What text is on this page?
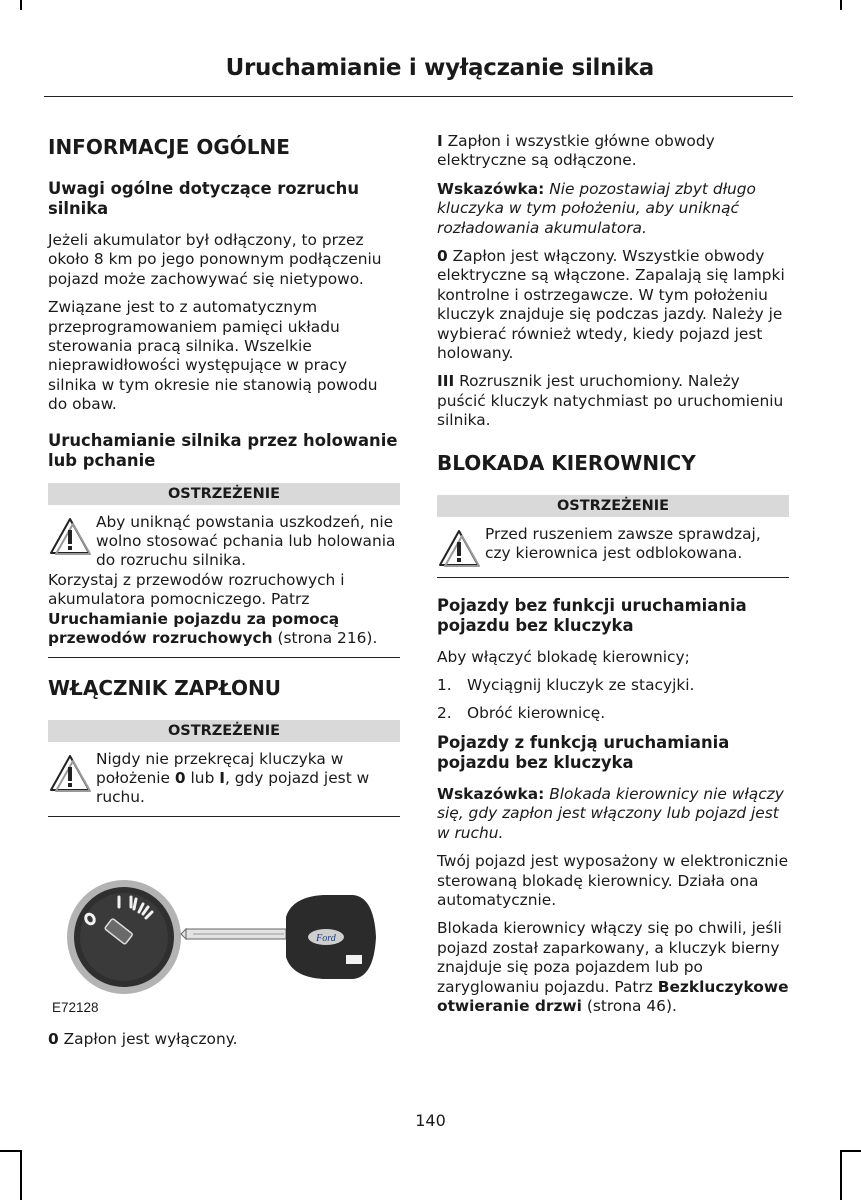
Uruchamianie i wyłączanie silnika
INFORMACJE OGÓLNE
Uwagi ogólne dotyczące rozruchu silnika

Jeżeli akumulator był odłączony, to przez około 8 km po jego ponownym podłączeniu pojazd może zachowywać się nietypowo.

Związane jest to z automatycznym przeprogramowaniem pamięci układu sterowania pracą silnika. Wszelkie nieprawidłowości występujące w pracy silnika w tym okresie nie stanowią powodu do obaw.

Uruchamianie silnika przez holowanie lub pchanie
OSTRZEŻENIE
Aby uniknąć powstania uszkodzeń, nie wolno stosować pchania lub holowania do rozruchu silnika.
Korzystaj z przewodów rozruchowych i akumulatora pomocniczego. Patrz Uruchamianie pojazdu za pomocą przewodów rozruchowych (strona 216).
WŁĄCZNIK ZAPŁONU
OSTRZEŻENIE
Nigdy nie przekręcaj kluczyka w położenie 0 lub I, gdy pojazd jest w ruchu.
Ford
E72128

0 Zapłon jest wyłączony.

I Zapłon i wszystkie główne obwody elektryczne są odłączone.

Wskazówka: Nie pozostawiaj zbyt długo kluczyka w tym położeniu, aby uniknąć rozładowania akumulatora.

0 Zapłon jest włączony. Wszystkie obwody elektryczne są włączone. Zapalają się lampki kontrolne i ostrzegawcze. W tym położeniu kluczyk znajduje się podczas jazdy. Należy je wybierać również wtedy, kiedy pojazd jest holowany.

III Rozrusznik jest uruchomiony. Należy puścić kluczyk natychmiast po uruchomieniu silnika.

BLOKADA KIEROWNICY
OSTRZEŻENIE
Przed ruszeniem zawsze sprawdzaj, czy kierownica jest odblokowana.
Pojazdy bez funkcji uruchamiania pojazdu bez kluczyka

Aby włączyć blokadę kierownicy;

1. Wyciągnij kluczyk ze stacyjki.
2. Obróć kierownicę.
Pojazdy z funkcją uruchamiania pojazdu bez kluczyka

Wskazówka: Blokada kierownicy nie włączy się, gdy zapłon jest włączony lub pojazd jest w ruchu.

Twój pojazd jest wyposażony w elektronicznie sterowaną blokadę kierownicy. Działa ona automatycznie.

Blokada kierownicy włączy się po chwili, jeśli pojazd został zaparkowany, a kluczyk bierny znajduje się poza pojazdem lub po zaryglowaniu pojazdu. Patrz Bezkluczykowe otwieranie drzwi (strona 46).

140
